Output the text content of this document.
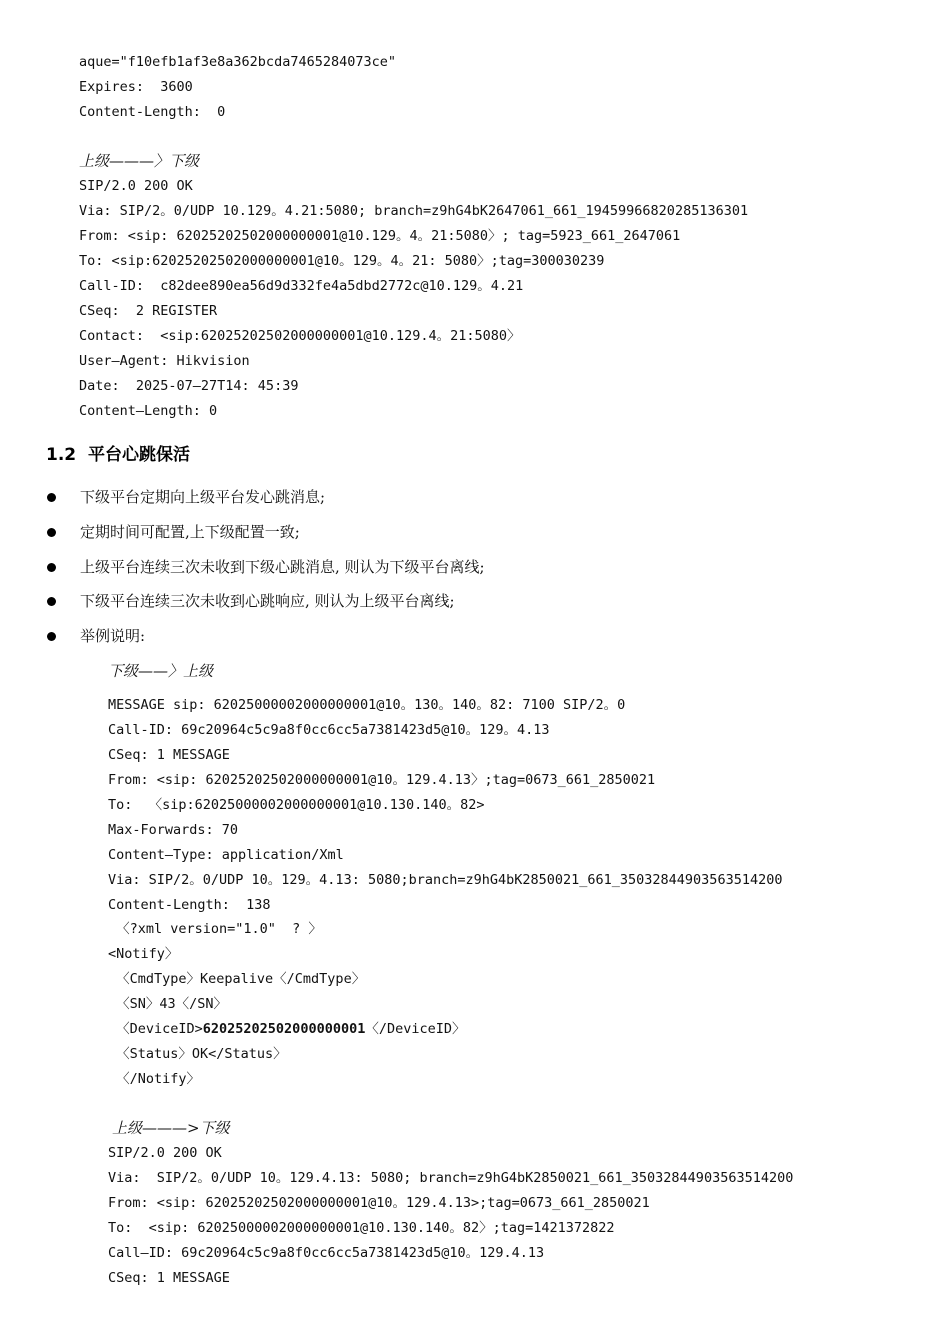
aque="f10efb1af3e8a362bcda7465284073ce"
Expires:  3600
Content-Length:  0
上级———〉下级
SIP/2.0 200 OK
Via: SIP/2。0/UDP 10.129。4.21:5080; branch=z9hG4bK2647061_661_19459966820285136301
From: <sip: 62025202502000000001@10.129。4。21:5080〉; tag=5923_661_2647061
To: <sip:62025202502000000001@10。129。4。21: 5080〉;tag=300030239
Call-ID:  c82dee890ea56d9d332fe4a5dbd2772c@10.129。4.21
CSeq:  2 REGISTER
Contact:  <sip:62025202502000000001@10.129.4。21:5080〉
User—Agent: Hikvision
Date:  2025-07—27T14: 45:39
Content—Length: 0
1.2  平台心跳保活
下级平台定期向上级平台发心跳消息;
定期时间可配置,上下级配置一致;
上级平台连续三次未收到下级心跳消息, 则认为下级平台离线;
下级平台连续三次未收到心跳响应, 则认为上级平台离线;
举例说明:
下级——〉上级
MESSAGE sip: 62025000002000000001@10。130。140。82: 7100 SIP/2。0
Call-ID: 69c20964c5c9a8f0cc6cc5a7381423d5@10。129。4.13
CSeq: 1 MESSAGE
From: <sip: 62025202502000000001@10。129.4.13〉;tag=0673_661_2850021
To:  〈sip:62025000002000000001@10.130.140。82>
Max-Forwards: 70
Content—Type: application/Xml
Via: SIP/2。0/UDP 10。129。4.13: 5080;branch=z9hG4bK2850021_661_35032844903563514200
Content-Length:  138
〈?xml version="1.0"  ? 〉
<Notify〉
〈CmdType〉Keepalive〈/CmdType〉
〈SN〉43〈/SN〉
〈DeviceID>62025202502000000001〈/DeviceID〉
〈Status〉OK</Status〉
〈/Notify〉
上级———>下级
SIP/2.0 200 OK
Via:  SIP/2。0/UDP 10。129.4.13: 5080; branch=z9hG4bK2850021_661_35032844903563514200
From: <sip: 62025202502000000001@10。129.4.13>;tag=0673_661_2850021
To:  <sip: 62025000002000000001@10.130.140。82〉;tag=1421372822
Call—ID: 69c20964c5c9a8f0cc6cc5a7381423d5@10。129.4.13
CSeq: 1 MESSAGE
